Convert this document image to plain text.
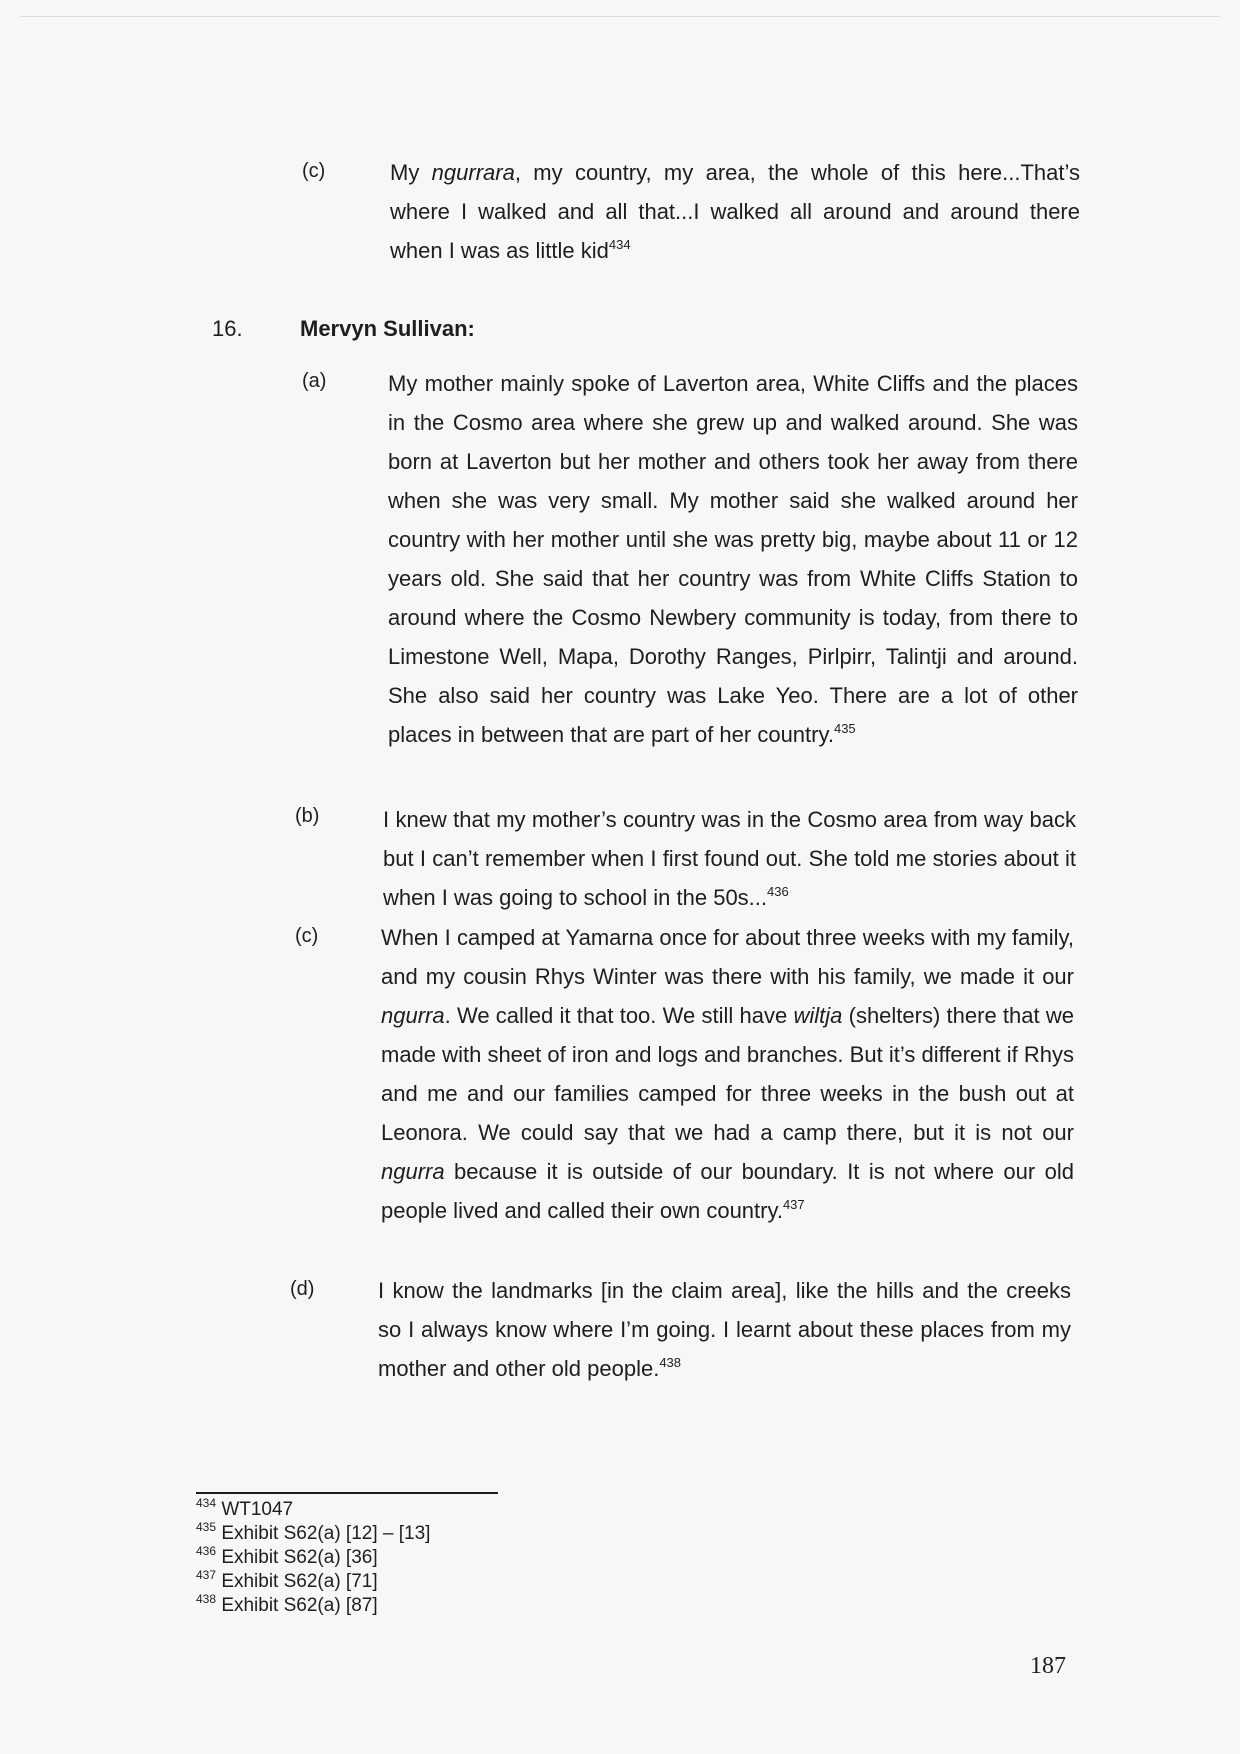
(c)	My ngurrara, my country, my area, the whole of this here...That’s where I walked and all that...I walked all around and around there when I was as little kid$^{434}$
16.	Mervyn Sullivan:
(a)	My mother mainly spoke of Laverton area, White Cliffs and the places in the Cosmo area where she grew up and walked around. She was born at Laverton but her mother and others took her away from there when she was very small. My mother said she walked around her country with her mother until she was pretty big, maybe about 11 or 12 years old. She said that her country was from White Cliffs Station to around where the Cosmo Newbery community is today, from there to Limestone Well, Mapa, Dorothy Ranges, Pirlpirr, Talintji and around. She also said her country was Lake Yeo. There are a lot of other places in between that are part of her country.$^{435}$
(b)	I knew that my mother’s country was in the Cosmo area from way back but I can’t remember when I first found out. She told me stories about it when I was going to school in the 50s...$^{436}$
(c)	When I camped at Yamarna once for about three weeks with my family, and my cousin Rhys Winter was there with his family, we made it our ngurra. We called it that too. We still have wiltja (shelters) there that we made with sheet of iron and logs and branches. But it’s different if Rhys and me and our families camped for three weeks in the bush out at Leonora. We could say that we had a camp there, but it is not our ngurra because it is outside of our boundary. It is not where our old people lived and called their own country.$^{437}$
(d)	I know the landmarks [in the claim area], like the hills and the creeks so I always know where I’m going. I learnt about these places from my mother and other old people.$^{438}$
$^{434}$ WT1047
$^{435}$ Exhibit S62(a) [12] – [13]
$^{436}$ Exhibit S62(a) [36]
$^{437}$ Exhibit S62(a) [71]
$^{438}$ Exhibit S62(a) [87]
187
